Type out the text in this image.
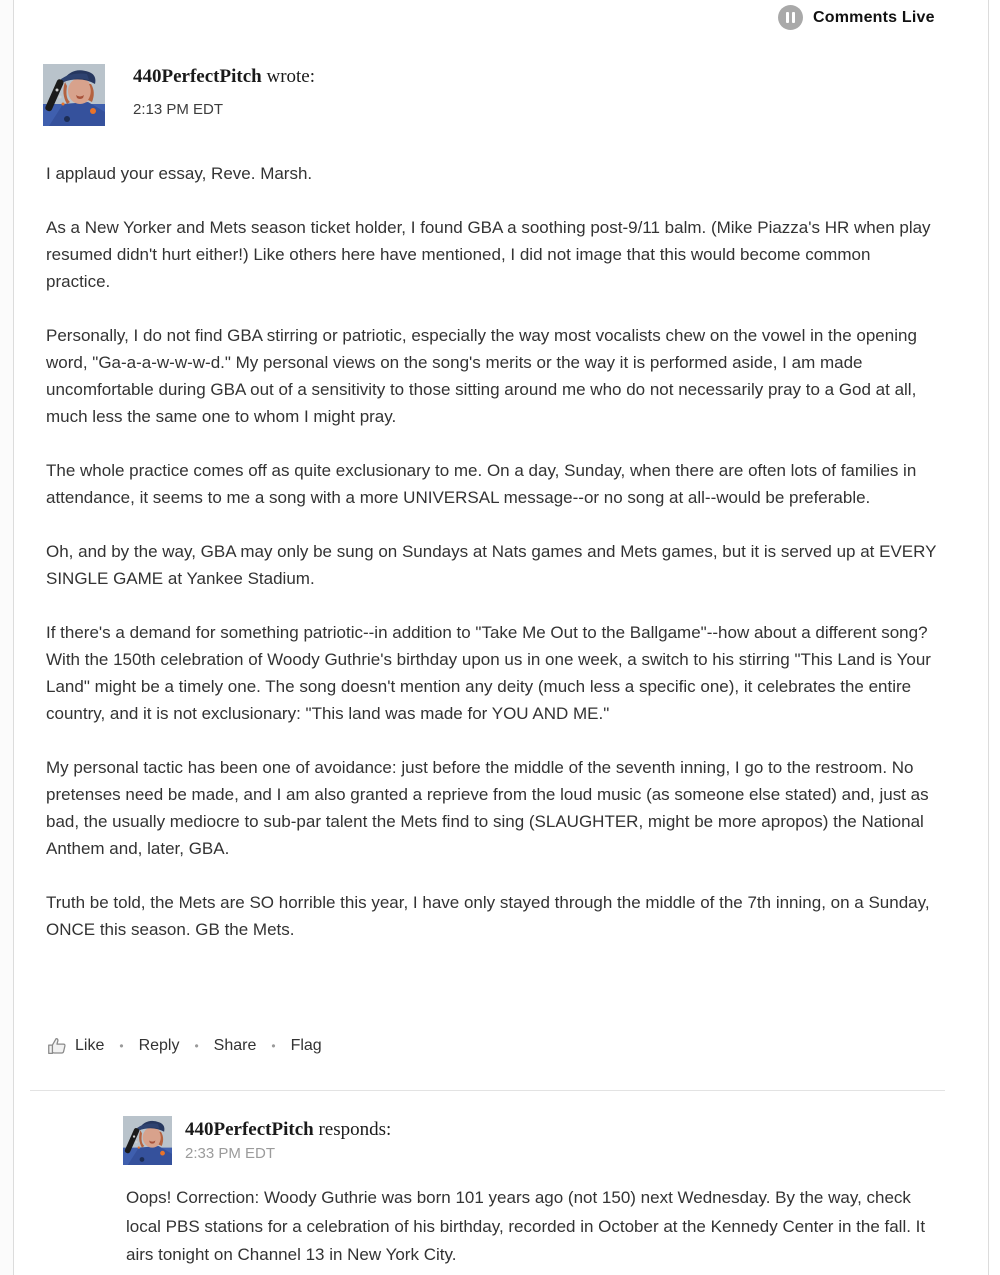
Comments Live
440PerfectPitch wrote:
2:13 PM EDT

I applaud your essay, Reve. Marsh.

As a New Yorker and Mets season ticket holder, I found GBA a soothing post-9/11 balm. (Mike Piazza's HR when play resumed didn't hurt either!) Like others here have mentioned, I did not image that this would become common practice.

Personally, I do not find GBA stirring or patriotic, especially the way most vocalists chew on the vowel in the opening word, "Ga-a-a-w-w-w-d." My personal views on the song's merits or the way it is performed aside, I am made uncomfortable during GBA out of a sensitivity to those sitting around me who do not necessarily pray to a God at all, much less the same one to whom I might pray.

The whole practice comes off as quite exclusionary to me. On a day, Sunday, when there are often lots of families in attendance, it seems to me a song with a more UNIVERSAL message--or no song at all--would be preferable.

Oh, and by the way, GBA may only be sung on Sundays at Nats games and Mets games, but it is served up at EVERY SINGLE GAME at Yankee Stadium.

If there's a demand for something patriotic--in addition to "Take Me Out to the Ballgame"--how about a different song? With the 150th celebration of Woody Guthrie's birthday upon us in one week, a switch to his stirring "This Land is Your Land" might be a timely one. The song doesn't mention any deity (much less a specific one), it celebrates the entire country, and it is not exclusionary: "This land was made for YOU AND ME."

My personal tactic has been one of avoidance: just before the middle of the seventh inning, I go to the restroom. No pretenses need be made, and I am also granted a reprieve from the loud music (as someone else stated) and, just as bad, the usually mediocre to sub-par talent the Mets find to sing (SLAUGHTER, might be more apropos) the National Anthem and, later, GBA.

Truth be told, the Mets are SO horrible this year, I have only stayed through the middle of the 7th inning, on a Sunday, ONCE this season. GB the Mets.

Like • Reply • Share • Flag
440PerfectPitch responds:
2:33 PM EDT

Oops! Correction: Woody Guthrie was born 101 years ago (not 150) next Wednesday. By the way, check local PBS stations for a celebration of his birthday, recorded in October at the Kennedy Center in the fall. It airs tonight on Channel 13 in New York City.
